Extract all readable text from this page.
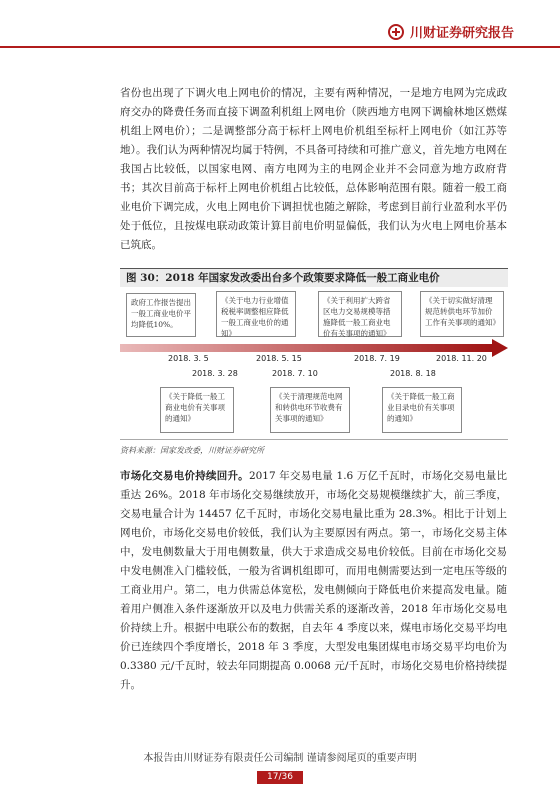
川财证券研究报告

省份也出现了下调火电上网电价的情况，主要有两种情况，一是地方电网为完成政府交办的降费任务而直接下调盈利机组上网电价（陕西地方电网下调榆林地区燃煤机组上网电价）；二是调整部分高于标杆上网电价机组至标杆上网电价（如江苏等地）。我们认为两种情况均属于特例，不具备可持续和可推广意义，首先地方电网在我国占比较低，以国家电网、南方电网为主的电网企业并不会同意为地方政府背书；其次目前高于标杆上网电价机组占比较低，总体影响范围有限。随着一般工商业电价下调完成，火电上网电价下调担忧也随之解除，考虑到目前行业盈利水平仍处于低位，且按煤电联动政策计算目前电价明显偏低，我们认为火电上网电价基本已筑底。

图 30：2018 年国家发改委出台多个政策要求降低一般工商业电价
政府工作报告提出一般工商业电价平均降低10%。
《关于电力行业增值税税率调整相应降低一般工商业电价的通知》
《关于利用扩大跨省区电力交易规模等措施降低一般工商业电价有关事项的通知》
《关于切实做好清理规范转供电环节加价工作有关事项的通知》
2018. 3. 5	2018. 5. 15	2018. 7. 19	2018. 11. 20
2018. 3. 28	2018. 7. 10	2018. 8. 18
《关于降低一般工商业电价有关事项的通知》
《关于清理规范电网和转供电环节收费有关事项的通知》
《关于降低一般工商业目录电价有关事项的通知》
资料来源：国家发改委，川财证券研究所

市场化交易电价持续回升。2017 年交易电量 1.6 万亿千瓦时，市场化交易电量比重达 26%。2018 年市场化交易继续放开，市场化交易规模继续扩大，前三季度，交易电量合计为 14457 亿千瓦时，市场化交易电量比重为 28.3%。相比于计划上网电价，市场化交易电价较低，我们认为主要原因有两点。第一，市场化交易主体中，发电侧数量大于用电侧数量，供大于求造成交易电价较低。目前在市场化交易中发电侧准入门槛较低，一般为省调机组即可，而用电侧需要达到一定电压等级的工商业用户。第二，电力供需总体宽松，发电侧倾向于降低电价来提高发电量。随着用户侧准入条件逐渐放开以及电力供需关系的逐渐改善，2018 年市场化交易电价持续上升。根据中电联公布的数据，自去年 4 季度以来，煤电市场化交易平均电价已连续四个季度增长，2018 年 3 季度，大型发电集团煤电市场交易平均电价为 0.3380 元/千瓦时，较去年同期提高 0.0068 元/千瓦时，市场化交易电价格持续提升。

本报告由川财证券有限责任公司编制 谨请参阅尾页的重要声明
17/36
